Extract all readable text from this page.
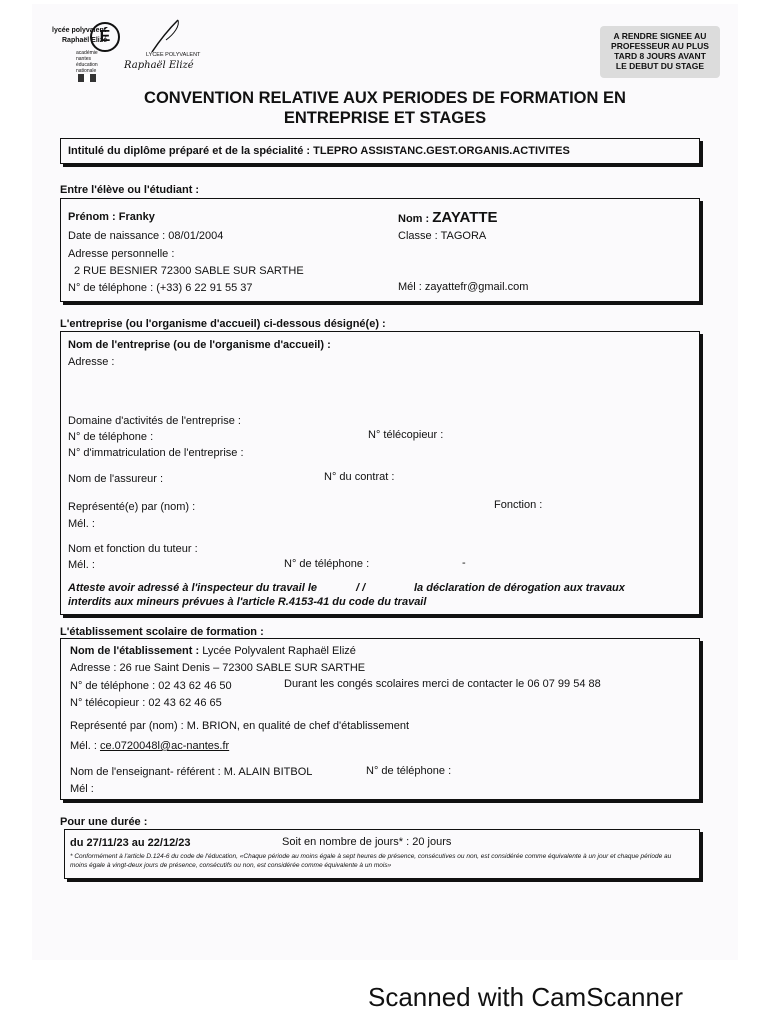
lycée polyvalent
Raphaël Elizé
É
académie
nantes
éducation
nationale
LYCEE POLYVALENT
Raphaël Elizé
A RENDRE SIGNEE AU
PROFESSEUR AU PLUS
TARD 8 JOURS AVANT
LE DEBUT DU STAGE
CONVENTION RELATIVE AUX PERIODES DE FORMATION EN
ENTREPRISE ET STAGES
Intitulé du diplôme préparé et de la spécialité : TLEPRO ASSISTANC.GEST.ORGANIS.ACTIVITES
Entre l'élève ou l'étudiant :
Prénom : Franky	Nom : ZAYATTE
Date de naissance : 08/01/2004	Classe : TAGORA
Adresse personnelle :
2 RUE BESNIER 72300 SABLE SUR SARTHE
N° de téléphone : (+33) 6 22 91 55 37	Mél : zayattefr@gmail.com
L'entreprise (ou l'organisme d'accueil) ci-dessous désigné(e) :
Nom de l'entreprise (ou de l'organisme d'accueil) :
Adresse :
Domaine d'activités de l'entreprise :
N° de téléphone :	N° télécopieur :
N° d'immatriculation de l'entreprise :
Nom de l'assureur :	N° du contrat :
Représenté(e) par (nom) :	Fonction :
Mél. :
Nom et fonction du tuteur :
Mél. :	N° de téléphone :	-
Atteste avoir adressé à l'inspecteur du travail le	/ /	la déclaration de dérogation aux travaux
interdits aux mineurs prévues à l'article R.4153-41 du code du travail
L'établissement scolaire de formation :
Nom de l'établissement : Lycée Polyvalent Raphaël Elizé
Adresse : 26 rue Saint Denis – 72300 SABLE SUR SARTHE
N° de téléphone : 02 43 62 46 50	Durant les congés scolaires merci de contacter le 06 07 99 54 88
N° télécopieur : 02 43 62 46 65
Représenté par (nom) : M. BRION, en qualité de chef d'établissement
Mél. : ce.0720048l@ac-nantes.fr
Nom de l'enseignant- référent : M. ALAIN BITBOL	N° de téléphone :
Mél :
Pour une durée :
du 27/11/23 au 22/12/23	Soit en nombre de jours* : 20 jours
* Conformément à l'article D.124-6 du code de l'éducation, «Chaque période au moins égale à sept heures de présence, consécutives ou non, est considérée comme équivalente à un jour et chaque période au moins égale à vingt-deux jours de présence, consécutifs ou non, est considérée comme équivalente à un mois»
Scanned with CamScanner
